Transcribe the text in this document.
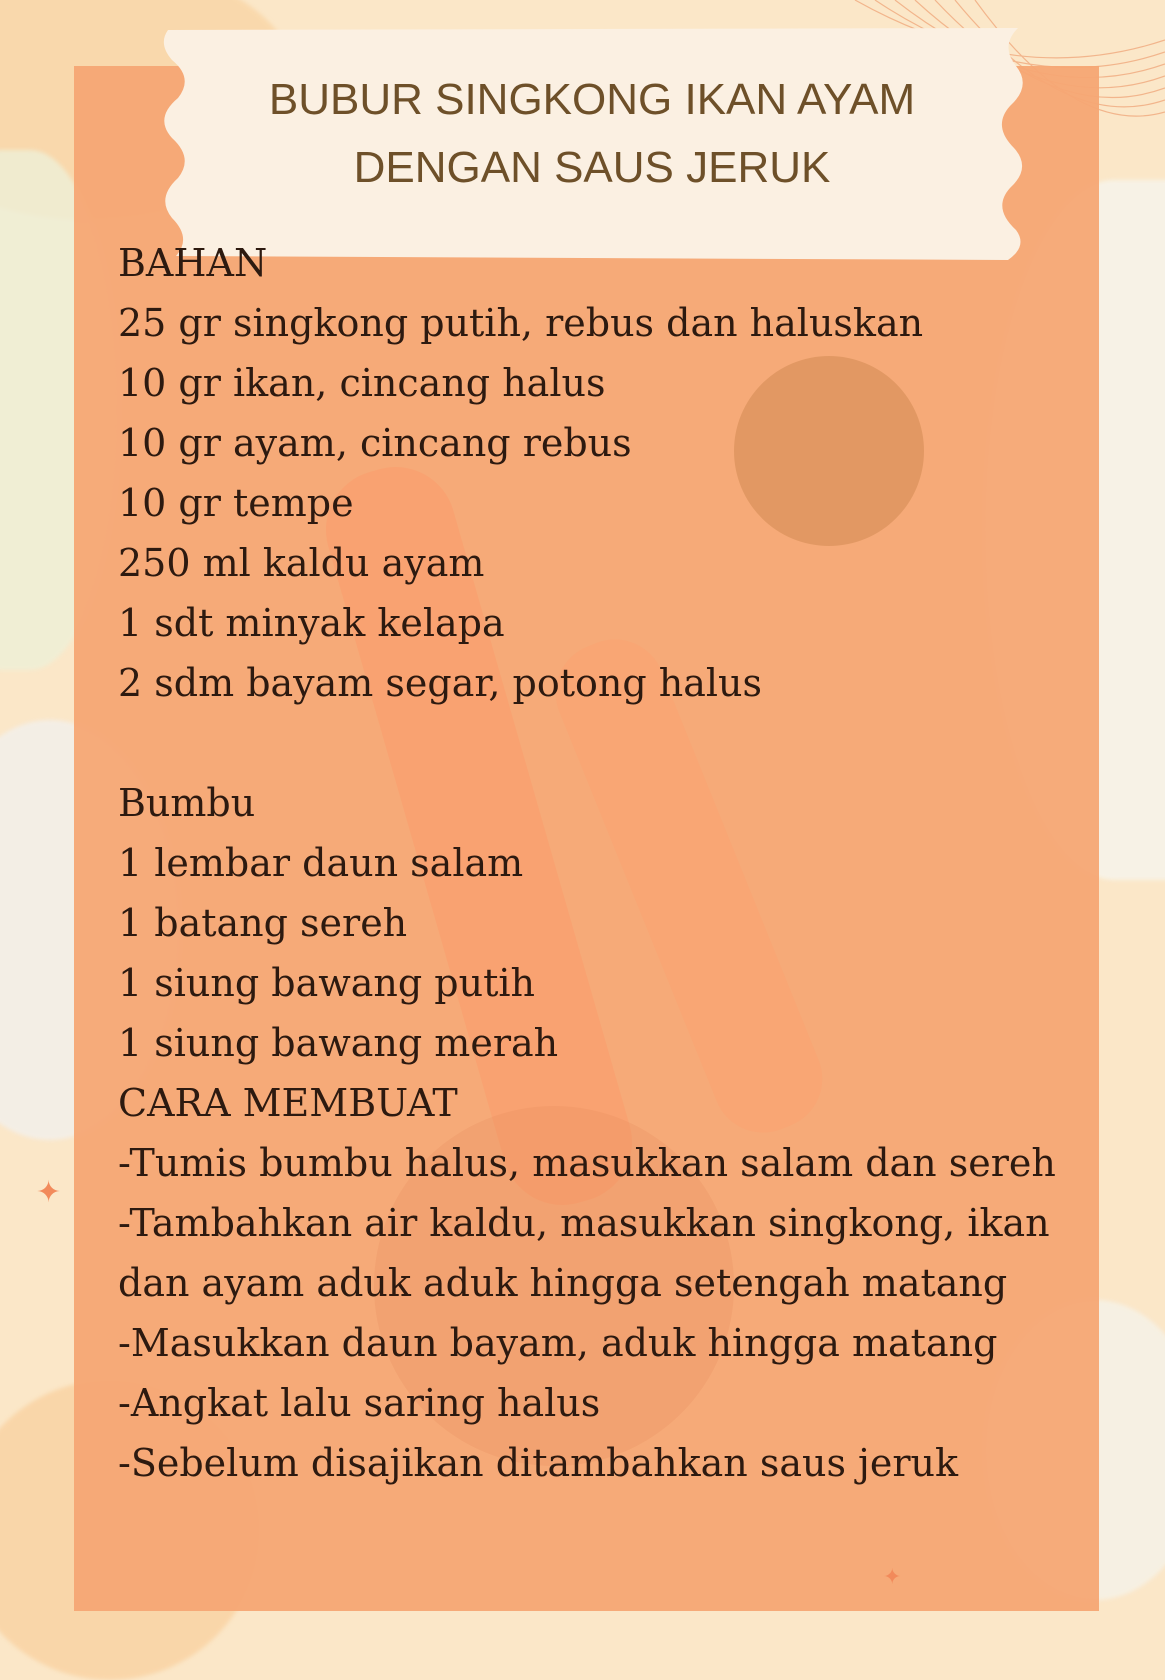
BUBUR SINGKONG IKAN AYAM
DENGAN SAUS JERUK
BAHAN
25 gr singkong putih, rebus dan haluskan
10 gr ikan, cincang halus
10 gr ayam, cincang rebus
10 gr tempe
250 ml kaldu ayam
1 sdt minyak kelapa
2 sdm bayam segar, potong halus
Bumbu
1 lembar daun salam
1 batang sereh
1 siung bawang putih
1 siung bawang merah
CARA MEMBUAT
-Tumis bumbu halus, masukkan salam dan sereh
-Tambahkan air kaldu, masukkan singkong, ikan
dan ayam aduk aduk hingga setengah matang
-Masukkan daun bayam, aduk hingga matang
-Angkat lalu saring halus
-Sebelum disajikan ditambahkan saus jeruk
✦
✦
